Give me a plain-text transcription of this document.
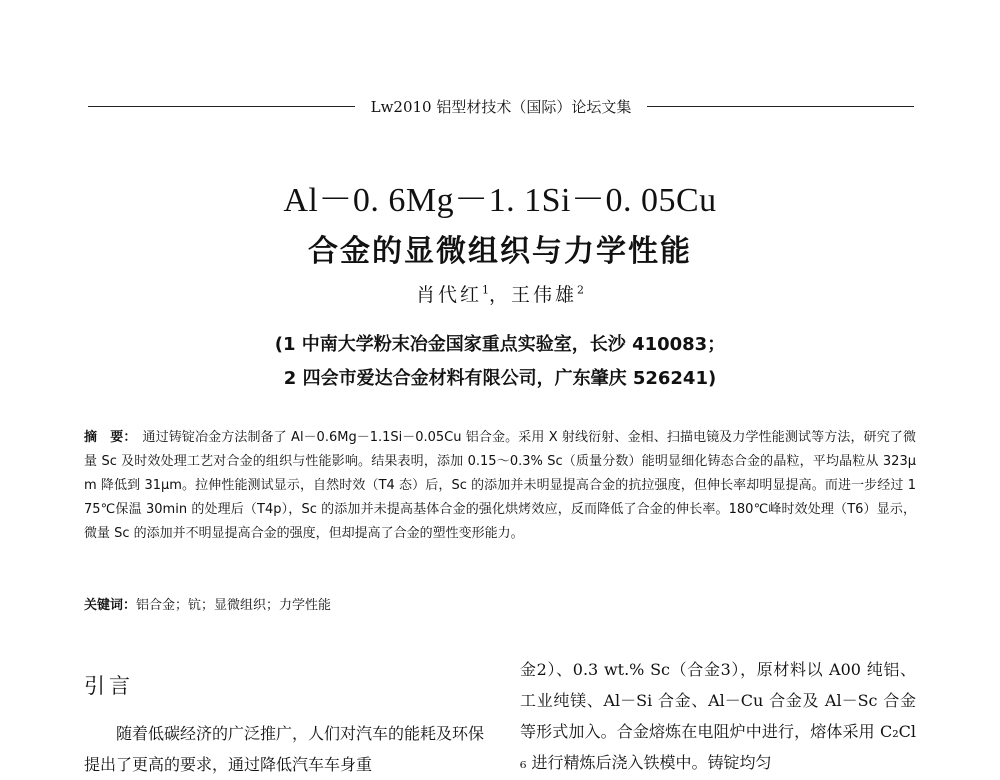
Lw2010 铝型材技术（国际）论坛文集
Al－0. 6Mg－1. 1Si－0. 05Cu
合金的显微组织与力学性能
肖代红$^1$，王伟雄$^2$
(1 中南大学粉末冶金国家重点实验室，长沙 410083；
2 四会市爱达合金材料有限公司，广东肇庆 526241)
摘　要： 通过铸锭冶金方法制备了 Al－0.6Mg－1.1Si－0.05Cu 铝合金。采用 X 射线衍射、金相、扫描电镜及力学性能测试等方法，研究了微量 Sc 及时效处理工艺对合金的组织与性能影响。结果表明，添加 0.15～0.3% Sc（质量分数）能明显细化铸态合金的晶粒，平均晶粒从 323μm 降低到 31μm。拉伸性能测试显示，自然时效（T4 态）后，Sc 的添加并未明显提高合金的抗拉强度，但伸长率却明显提高。而进一步经过 175℃保温 30min 的处理后（T4p），Sc 的添加并未提高基体合金的强化烘烤效应，反而降低了合金的伸长率。180℃峰时效处理（T6）显示，微量 Sc 的添加并不明显提高合金的强度，但却提高了合金的塑性变形能力。
关键词：铝合金；钪；显微组织；力学性能
引言
随着低碳经济的广泛推广，人们对汽车的能耗及环保提出了更高的要求，通过降低汽车车身重
金2）、0.3 wt.% Sc（合金3），原材料以 A00 纯铝、工业纯镁、Al－Si 合金、Al－Cu 合金及 Al－Sc 合金等形式加入。合金熔炼在电阻炉中进行，熔体采用 C₂Cl₆ 进行精炼后浇入铁模中。铸锭均匀
